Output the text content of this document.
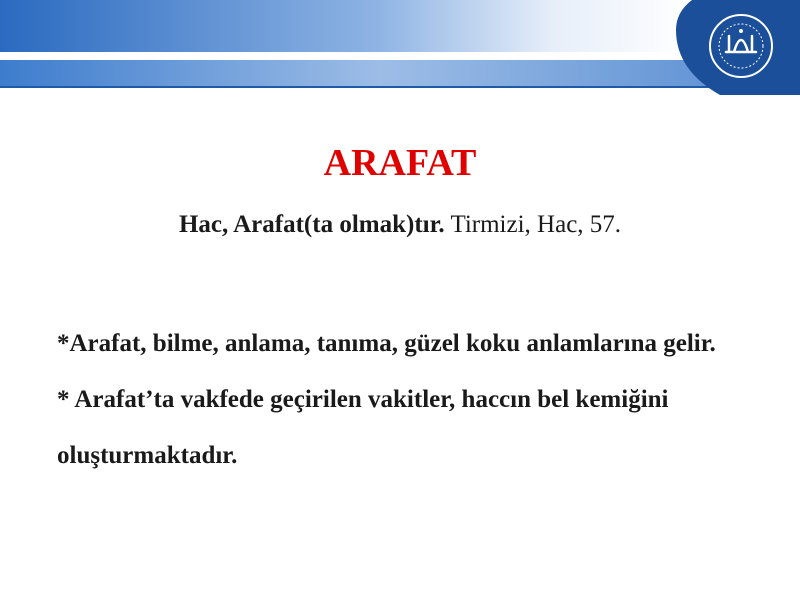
ARAFAT
Hac, Arafat(ta olmak)tır. Tirmizi, Hac, 57.

*Arafat, bilme, anlama, tanıma, güzel koku anlamlarına gelir.

* Arafat’ta vakfede geçirilen vakitler, haccın bel kemiğini oluşturmaktadır.
